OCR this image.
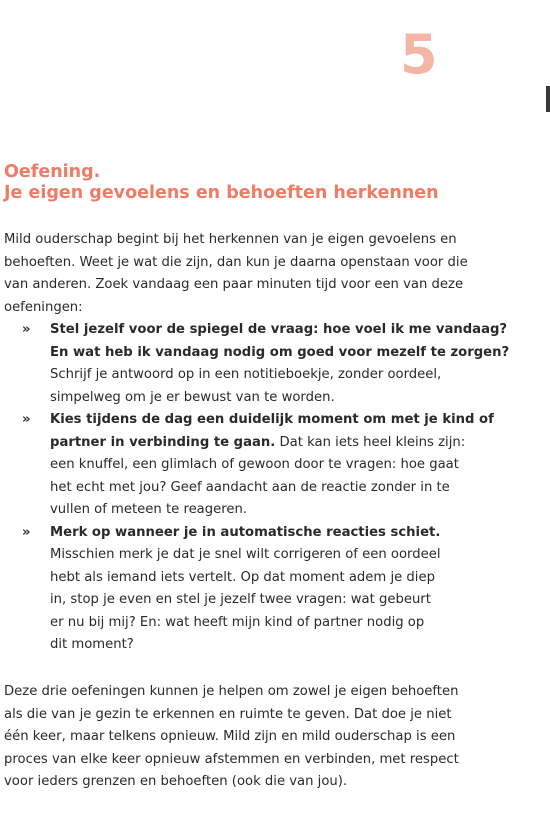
5
Oefening.
Je eigen gevoelens en behoeften herkennen
Mild ouderschap begint bij het herkennen van je eigen gevoelens en
behoeften. Weet je wat die zijn, dan kun je daarna openstaan voor die
van anderen. Zoek vandaag een paar minuten tijd voor een van deze
oefeningen:
» Stel jezelf voor de spiegel de vraag: hoe voel ik me vandaag?
En wat heb ik vandaag nodig om goed voor mezelf te zorgen?
Schrijf je antwoord op in een notitieboekje, zonder oordeel,
simpelweg om je er bewust van te worden.
» Kies tijdens de dag een duidelijk moment om met je kind of
partner in verbinding te gaan. Dat kan iets heel kleins zijn:
een knuffel, een glimlach of gewoon door te vragen: hoe gaat
het echt met jou? Geef aandacht aan de reactie zonder in te
vullen of meteen te reageren.
» Merk op wanneer je in automatische reacties schiet.
Misschien merk je dat je snel wilt corrigeren of een oordeel
hebt als iemand iets vertelt. Op dat moment adem je diep
in, stop je even en stel je jezelf twee vragen: wat gebeurt
er nu bij mij? En: wat heeft mijn kind of partner nodig op
dit moment?
Deze drie oefeningen kunnen je helpen om zowel je eigen behoeften
als die van je gezin te erkennen en ruimte te geven. Dat doe je niet
één keer, maar telkens opnieuw. Mild zijn en mild ouderschap is een
proces van elke keer opnieuw afstemmen en verbinden, met respect
voor ieders grenzen en behoeften (ook die van jou).
